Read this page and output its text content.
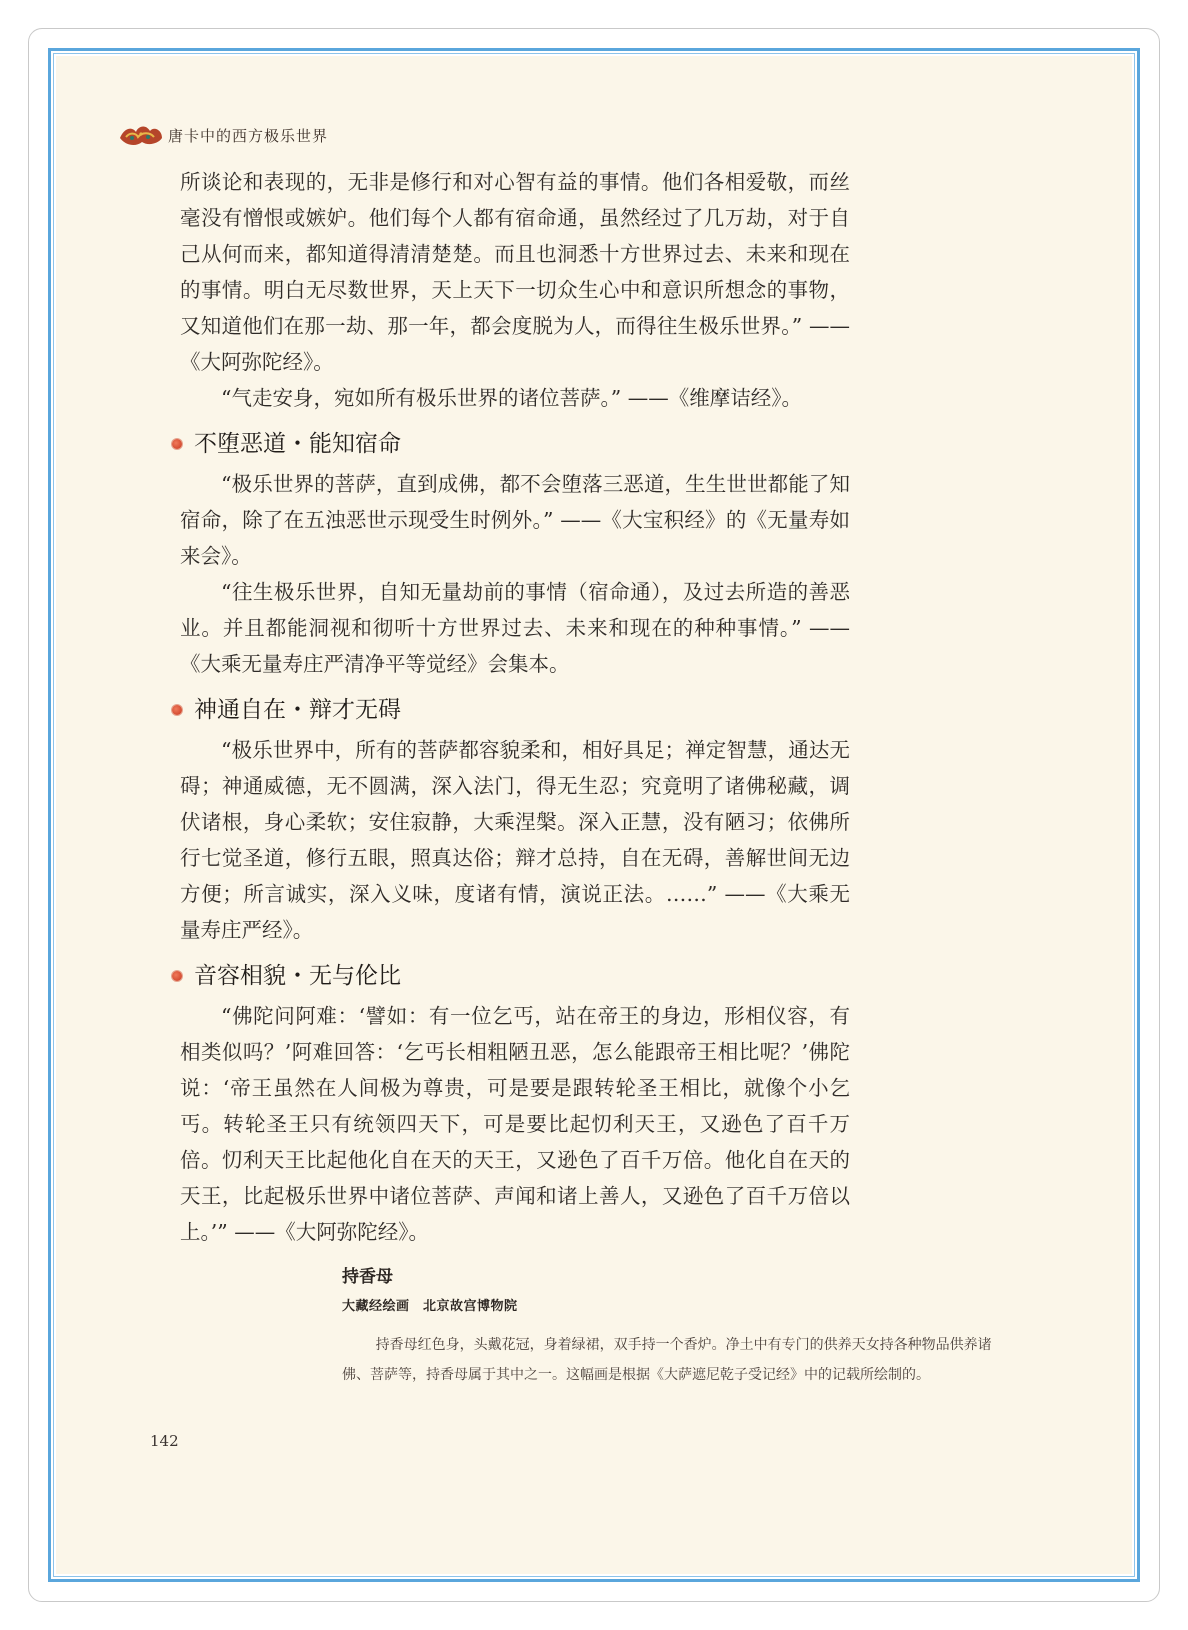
唐卡中的西方极乐世界

所谈论和表现的，无非是修行和对心智有益的事情。他们各相爱敬，而丝毫没有憎恨或嫉妒。他们每个人都有宿命通，虽然经过了几万劫，对于自己从何而来，都知道得清清楚楚。而且也洞悉十方世界过去、未来和现在的事情。明白无尽数世界，天上天下一切众生心中和意识所想念的事物，又知道他们在那一劫、那一年，都会度脱为人，而得往生极乐世界。” ——《大阿弥陀经》。

“气走安身，宛如所有极乐世界的诸位菩萨。” ——《维摩诘经》。

不堕恶道・能知宿命

“极乐世界的菩萨，直到成佛，都不会堕落三恶道，生生世世都能了知宿命，除了在五浊恶世示现受生时例外。” ——《大宝积经》的《无量寿如来会》。

“往生极乐世界，自知无量劫前的事情（宿命通），及过去所造的善恶业。并且都能洞视和彻听十方世界过去、未来和现在的种种事情。” ——《大乘无量寿庄严清净平等觉经》会集本。

神通自在・辩才无碍

“极乐世界中，所有的菩萨都容貌柔和，相好具足；禅定智慧，通达无碍；神通威德，无不圆满，深入法门，得无生忍；究竟明了诸佛秘藏，调伏诸根，身心柔软；安住寂静，大乘涅槃。深入正慧，没有陋习；依佛所行七觉圣道，修行五眼，照真达俗；辩才总持，自在无碍，善解世间无边方便；所言诚实，深入义味，度诸有情，演说正法。……” ——《大乘无量寿庄严经》。

音容相貌・无与伦比

“佛陀问阿难：‘譬如：有一位乞丐，站在帝王的身边，形相仪容，有相类似吗？’阿难回答：‘乞丐长相粗陋丑恶，怎么能跟帝王相比呢？’佛陀说：‘帝王虽然在人间极为尊贵，可是要是跟转轮圣王相比，就像个小乞丐。转轮圣王只有统领四天下，可是要比起忉利天王，又逊色了百千万倍。忉利天王比起他化自在天的天王，又逊色了百千万倍。他化自在天的天王，比起极乐世界中诸位菩萨、声闻和诸上善人，又逊色了百千万倍以上。’” ——《大阿弥陀经》。

持香母
大藏经绘画　北京故宫博物院
持香母红色身，头戴花冠，身着绿裙，双手持一个香炉。净土中有专门的供养天女持各种物品供养诸佛、菩萨等，持香母属于其中之一。这幅画是根据《大萨遮尼乾子受记经》中的记载所绘制的。
142
